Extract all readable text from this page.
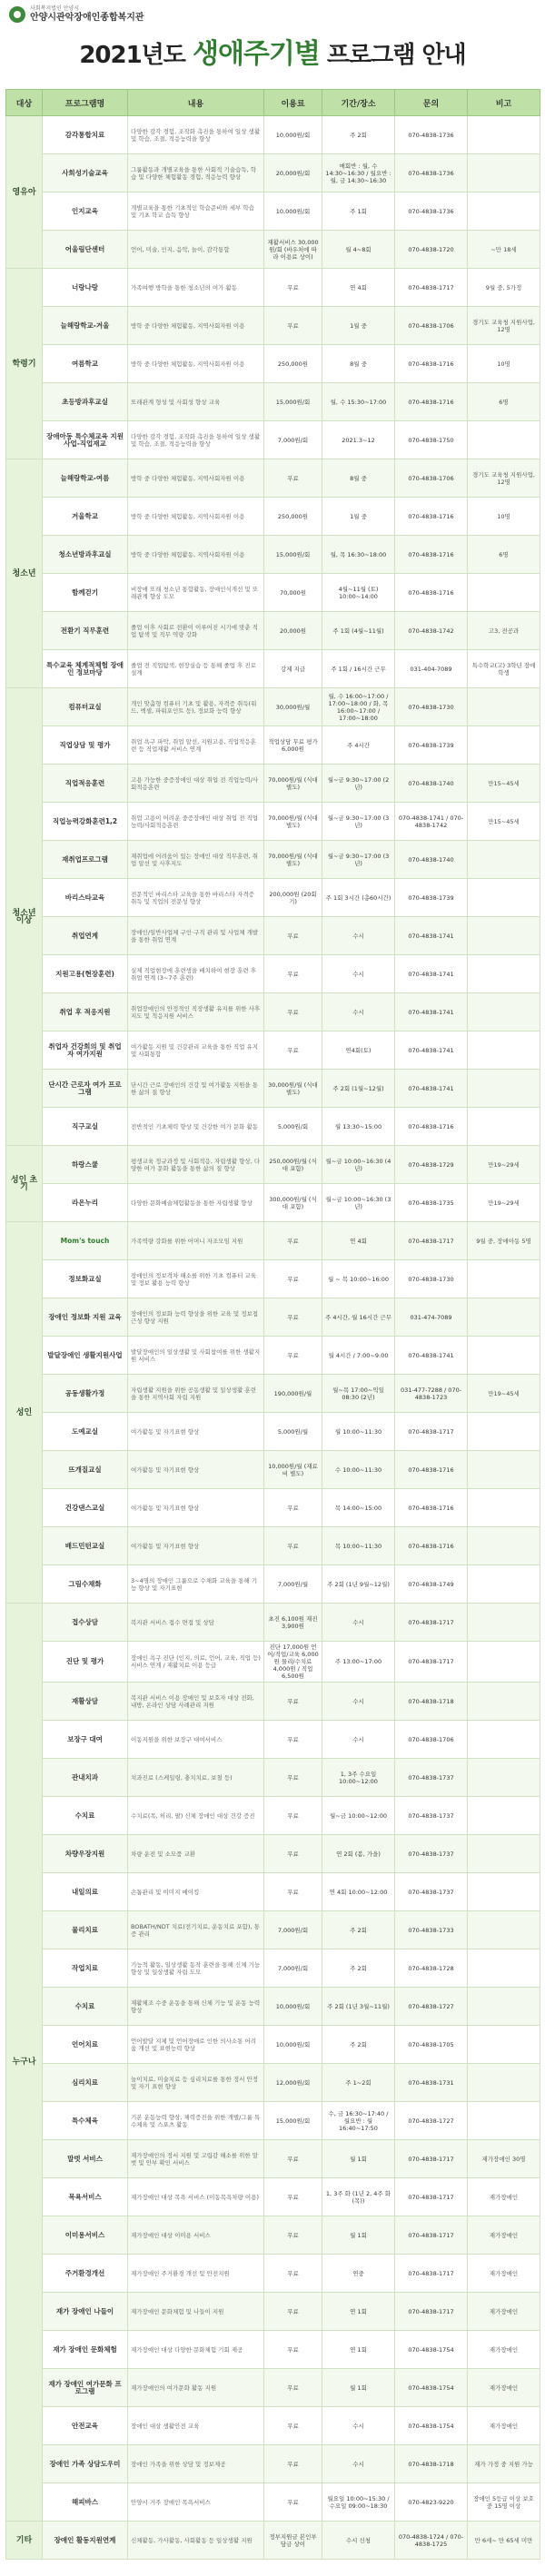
사회복지법인 안양시
안양시관악장애인종합복지관
2021년도 생애주기별 프로그램 안내
대상	프로그램명	내용	이용료	기간/장소	문의	비고
영유아	감각통합치료	다양한 감각 경험, 조작화 촉진을 통하여 일상 생활 및 학습, 조절, 적응능력을 향상	10,000원/회	주 2회	070-4838-1736	
	사회성기술교육	그룹활동과 개별교육을 통한 사회적 기술습득, 학습 및 다양한 체험활동 경험, 적응능력 향상	20,000원/회	매회반 : 월, 수 14:30~16:30 / 월요반 : 월, 금 14:30~16:30	070-4838-1736	
	인지교육	개별교육을 통한 기초적인 학습준비와 세부 학습 및 기초 학교 습득 향상	10,000원/회	주 1회	070-4838-1736	
	어울림단센터	언어, 미술, 인지, 음악, 놀이, 감각통합	재활서비스 30,000원/회 (바우처에 따라 이용료 상이)	월 4~8회	070-4838-1720	~만 18세
학령기	너랑나랑	가족여행 방학을 통한 청소년의 여가 활동	무료	연 4회	070-4838-1717	9월 중, 5가정
	늘해랑학교-겨울	방학 중 다양한 체험활동, 지역사회자원 이용	무료	1월 중	070-4838-1706	경기도 교육청 지원사업, 12명
	여름학교	방학 중 다양한 체험활동, 지역사회자원 이용	250,000원	8월 중	070-4838-1716	10명
	초등방과후교실	또래관계 형성 및 사회성 향상 교육	15,000원/회	월, 수 15:30~17:00	070-4838-1716	6명
	장애아동 특수체교육 지원사업-직업재교	다양한 감각 경험, 조작화 촉진을 통하여 일상 생활 및 학습, 조절, 적응능력을 향상	7,000원/회	2021.3~12	070-4838-1750	
청소년	늘해랑학교-여름	방학 중 다양한 체험활동, 지역사회자원 이용	무료	8월 중	070-4838-1706	경기도 교육청 지원사업, 12명
	겨울학교	방학 중 다양한 체험활동, 지역사회자원 이용	250,000원	1월 중	070-4838-1716	10명
	청소년방과후교실	방학 중 다양한 체험활동, 지역사회자원 이용	15,000원/회	월, 목 16:30~18:00	070-4838-1716	6명
	함께걷기	비장애 또래 청소년 통합활동, 장애인식개선 및 또래관계 향상 도모	70,000원	4월~11월 (토) 10:00~14:00	070-4838-1716	
	전환기 직무훈련	졸업 이후 사회로 전환이 이루어진 시기에 맞춘 직업 탐색 및 직무 역량 강화	20,000원	주 1회 (4월~11월)	070-4838-1742	고3, 전공과
	특수교육 체계적체험 장애인 정보마당	졸업 전 직업탐색, 현장실습 등 통해 졸업 후 진로설계	강제 지급	주 1회 / 16시간 근무	031-404-7089	특수학교(고) 3학년 장애학생
청소년 이상	컴퓨터교실	개인 맞춤형 컴퓨터 기초 및 활용, 자격증 취득(워드, 엑셀, 파워포인트 등), 정보화 능력 향상	30,000원/월	월, 수 16:00~17:00 / 17:00~18:00 / 화, 목 16:00~17:00 / 17:00~18:00	070-4838-1730	
	직업상담 및 평가	취업 욕구 파악, 취업 알선, 지원고용, 직업적응훈련 등 직업재활 서비스 연계	적업상담 무료 평가 6,000원	주 4시간	070-4838-1739	
	직업적응훈련	고용 가능한 중증장애인 대상 취업 전 직업능력/사회적응훈련	70,000원/월 (식대 별도)	월~금 9:30~17:00 (2년)	070-4838-1740	만15~45세
	직업능력강화훈련1,2	취업 고용이 어려운 중증장애인 대상 취업 전 직업능력/사회적응훈련	70,000원/월 (식대 별도)	월~금 9:30~17:00 (3년)	070-4838-1741 / 070-4838-1742	만15~45세
	재취업프로그램	재취업에 어려움이 있는 장애인 대상 직무훈련, 취업 알선 및 사후지도	70,000원/월 (식대 별도)	월~금 9:30~17:00 (3년)	070-4838-1740	
	바리스타교육	전문적인 바리스타 교육을 통한 바리스타 자격증 취득 및 직업의 전문성 향상	200,000원 (20회기)	주 1회 3시간 (총60시간)	070-4838-1739	
	취업연계	장애인/일반사업체 구인·구직 관리 및 사업체 개발을 통한 취업 연계	무료	수시	070-4838-1741	
	지원고용(현장훈련)	실제 직업현장에 훈련생을 배치하여 현장 훈련 후 취업 연계 (3~7주 훈련)	무료	수시	070-4838-1741	
	취업 후 적응지원	취업장애인의 안정적인 직장생활 유지를 위한 사후지도 및 적응지원 서비스	무료	수시	070-4838-1741	
	취업자 건강회의 및 취업자 여가지원	여가활동 지원 및 건강관리 교육을 통한 직업 유지 및 사회통합	무료	연4회(토)	070-4838-1741	
	단시간 근로자 여가 프로그램	단시간 근로 장애인의 건강 및 여가활동 지원을 통한 삶의 질 향상	30,000원/월 (식대 별도)	주 2회 (1월~12월)	070-4838-1741	
	직구교실	전반적인 기초체력 향상 및 건강한 여가 문화 활동	5,000원/회	월 13:30~15:00	070-4838-1716	
성인 초기	하랑스쿨	평생교육 정규과정 및 사회적응, 자립생활 향상, 다양한 여가 문화 활동을 통한 삶의 질 향상	250,000원/월 (식대 포함)	월~금 10:00~16:30 (4년)	070-4838-1729	만19~29세
	라온누리	다양한 문화예술체험활동을 통한 자립생활 향상	300,000원/월 (식대 포함)	월~금 10:00~16:30 (3년)	070-4838-1735	만19~29세
성인	Mom's touch	가족역량 강화를 위한 어머니 자조모임 지원	무료	연 4회	070-4838-1717	9월 중, 장애아동 5명
	정보화교실	장애인의 정보격차 해소를 위한 기초 컴퓨터 교육 및 정보 활용 능력 향상	무료	월 ~ 목 10:00~16:00	070-4838-1730	
	장애인 정보화 지원 교육	장애인의 정보화 능력 향상을 위한 교육 및 정보접근성 향상 지원	무료	주 4시간, 월 16시간 근무	031-474-7089	
	발달장애인 생활지원사업	발달장애인의 일상생활 및 사회참여를 위한 생활지원 서비스	무료	월 4시간 / 7:00~9:00	070-4838-1741	
	공동생활가정	자립생활 지원을 위한 공동생활 및 일상생활 훈련을 통한 지역사회 자립 지원	190,000원/월	월~목 17:00~익일 08:30 (2년)	031-477-7288 / 070-4838-1723	만19~45세
	도예교실	여가활동 및 자기표현 향상	5,000원/월	월 10:00~11:30	070-4838-1717	
	뜨개질교실	여가활동 및 자기표현 향상	10,000원/월 (재료비 별도)	수 10:00~11:30	070-4838-1716	
	건강댄스교실	여가활동 및 자기표현 향상	무료	목 14:00~15:00	070-4838-1716	
	배드민턴교실	여가활동 및 자기표현 향상	무료	목 10:00~11:30	070-4838-1716	
	그림수채화	3~4명의 장애인 그룹으로 수채화 교육을 통해 기능 향상 및 자기표현	7,000원/월	주 2회 (1년 9월~12월)	070-4838-1749	
누구나	접수상담	복지관 서비스 접수 면접 및 상담	초진 6,100원 재진 3,900원	수시	070-4838-1717	
	진단 및 평가	장애인 욕구 진단 (인지, 의료, 언어, 교육, 직업 등) 서비스 연계 / 재활치료 이용 등급	진단 17,000원 언어/직업/교육 6,000원 물리/수치료 4,000원 / 직업 6,500원	주 13:00~17:00	070-4838-1717	
	재활상담	복지관 서비스 이용 장애인 및 보호자 대상 전화, 내방, 온라인 상담 사례관리 지원	무료	수시	070-4838-1718	
	보장구 대여	이동지원을 위한 보장구 대여서비스	무료	수시	070-4838-1706	
	관내치과	치과진료 (스케일링, 충치치료, 보철 등)	무료	1, 3주 수요일 10:00~12:00	070-4838-1737	
	수치료	수치료(목, 허리, 팔) 신체 장애인 대상 건강 증진	무료	월~금 10:00~12:00	070-4838-1737	
	차량우장지원	차량 운전 및 소모품 교환	무료	연 2회 (봄, 가을)	070-4838-1737	
	내일의료	손톱관리 및 이미지 메이킹	무료	연 4회 10:00~12:00	070-4838-1737	
	물리치료	BOBATH/NDT 치료(전기치료, 운동치료 포함), 통증 관리	7,000원/회	주 2회	070-4838-1733	
	작업치료	기능적 활동, 일상생활 동작 훈련을 통해 신체 기능 향상 및 일상생활 자립 도모	7,000원/회	주 2회	070-4838-1728	
	수치료	재활체조 수중 운동을 통해 신체 기능 및 운동 능력 향상	10,000원/회	주 2회 (1년 3월~11월)	070-4838-1727	
	언어치료	언어발달 지체 및 언어장애로 인한 의사소통 어려움 개선 및 표현능력 향상	10,000원/회	주 2회	070-4838-1705	
	심리치료	놀이치료, 미술치료 등 심리치료를 통한 정서 안정 및 자기 표현 향상	12,000원/회	주 1~2회	070-4838-1731	
	특수체육	기본 운동능력 향상, 체력증진을 위한 개별/그룹 특수체육 및 스포츠 활동	15,000원/회	수, 금 16:30~17:40 / 월요반 : 월 16:40~17:50	070-4838-1727	
	말벗 서비스	재가장애인의 정서 지원 및 고립감 해소를 위한 말벗 및 안부 확인 서비스	무료	월 1회	070-4838-1717	재가장애인 30명
	목욕서비스	재가장애인 대상 목욕 서비스 (이동목욕차량 이용)	무료	1, 3주 화 (1년 2, 4주 화 (목))	070-4838-1717	재가장애인
	이미용서비스	재가장애인 대상 이미용 서비스	무료	월 1회	070-4838-1717	재가장애인
	주거환경개선	재가장애인 주거환경 개선 및 안전지원	무료	연중	070-4838-1717	재가장애인
	재가 장애인 나들이	재가장애인 문화체험 및 나들이 지원	무료	연 1회	070-4838-1717	재가장애인
	재가 장애인 문화체험	재가장애인 대상 다양한 문화체험 기회 제공	무료	연 1회	070-4838-1754	재가장애인
	재가 장애인 여가문화 프로그램	재가장애인의 여가문화 활동 지원	무료	월 1회	070-4838-1754	재가장애인
	안전교육	장애인 대상 생활안전 교육	무료	수시	070-4838-1754	재가장애인
	장애인 가족 상담도우미	장애인 가족을 위한 상담 및 정보제공	무료	수시	070-4838-1718	재가 가정 중 지원 가능
	해피바스	안양시 거주 장애인 목욕서비스	무료	월요일 10:00~15:30 / 수요일 09:00~18:30	070-4823-9220	장애인 5등급 이상 보호 중 15명 이상
기타	장애인 활동지원연계	신체활동, 가사활동, 사회활동 등 일상생활 지원	정부지원금 본인부담금 상이	수시 신청	070-4838-1724 / 070-4838-1725	만 6세~ 만 65세 미만
